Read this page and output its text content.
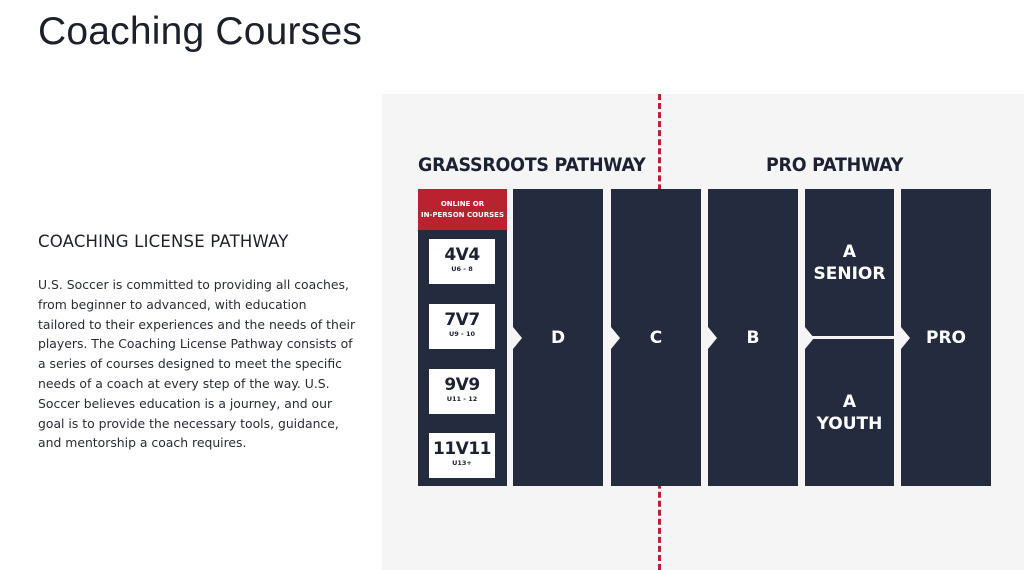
Coaching Courses
COACHING LICENSE PATHWAY

U.S. Soccer is committed to providing all coaches, from beginner to advanced, with education tailored to their experiences and the needs of their players. The Coaching License Pathway consists of a series of courses designed to meet the specific needs of a coach at every step of the way. U.S. Soccer believes education is a journey, and our goal is to provide the necessary tools, guidance, and mentorship a coach requires.

GRASSROOTS PATHWAY	PRO PATHWAY
ONLINE OR
IN-PERSON COURSES
4V4
U6 - 8
7V7
U9 - 10
9V9
U11 - 12
11V11
U13+
D	C	B
A
SENIOR
A
YOUTH
PRO
